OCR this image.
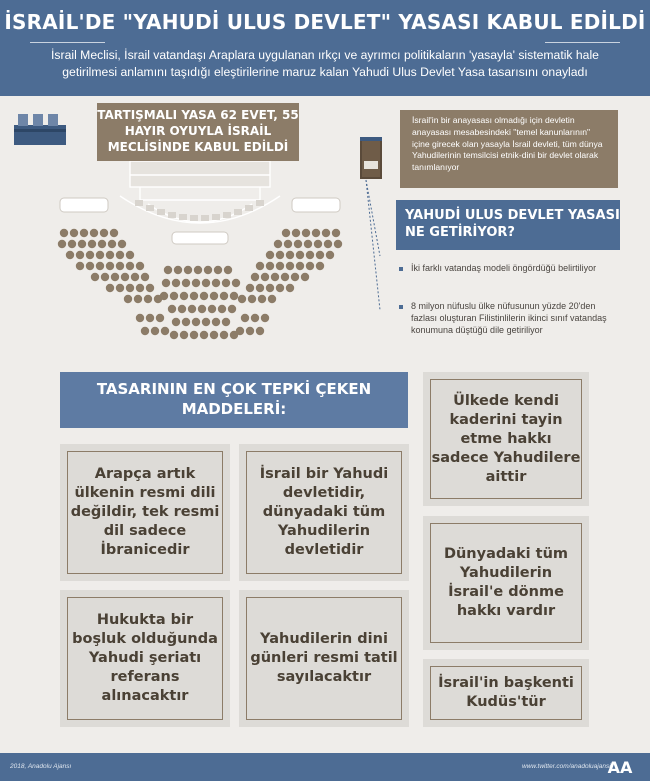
İSRAİL'DE "YAHUDİ ULUS DEVLET" YASASI KABUL EDİLDİ
İsrail Meclisi, İsrail vatandaşı Araplara uygulanan ırkçı ve ayrımcı politikaların 'yasayla' sistematik hale getirilmesi anlamını taşıdığı eleştirilerine maruz kalan Yahudi Ulus Devlet Yasa tasarısını onayladı
TARTIŞMALI YASA 62 EVET, 55 HAYIR OYUYLA İSRAİL MECLİSİNDE KABUL EDİLDİ
İsrail'in bir anayasası olmadığı için devletin anayasası mesabesindeki "temel kanunlarının" içine girecek olan yasayla İsrail devleti, tüm dünya Yahudilerinin temsilcisi etnik-dini bir devlet olarak tanımlanıyor
YAHUDİ ULUS DEVLET YASASI
NE GETİRİYOR?
İki farklı vatandaş modeli öngördüğü belirtiliyor
8 milyon nüfuslu ülke nüfusunun yüzde 20'den fazlası oluşturan Filistinlilerin ikinci sınıf vatandaş konumuna düştüğü dile getiriliyor
TASARININ EN ÇOK TEPKİ ÇEKEN MADDELERİ:
Arapça artık ülkenin resmi dili değildir, tek resmi dil sadece İbranicedir
İsrail bir Yahudi devletidir, dünyadaki tüm Yahudilerin devletidir
Ülkede kendi kaderini tayin etme hakkı sadece Yahudilere aittir
Dünyadaki tüm Yahudilerin İsrail'e dönme hakkı vardır
Hukukta bir boşluk olduğunda Yahudi şeriatı referans alınacaktır
Yahudilerin dini günleri resmi tatil sayılacaktır	İsrail'in başkenti Kudüs'tür
2018, Anadolu Ajansı	www.twitter.com/anadoluajansi
AA
